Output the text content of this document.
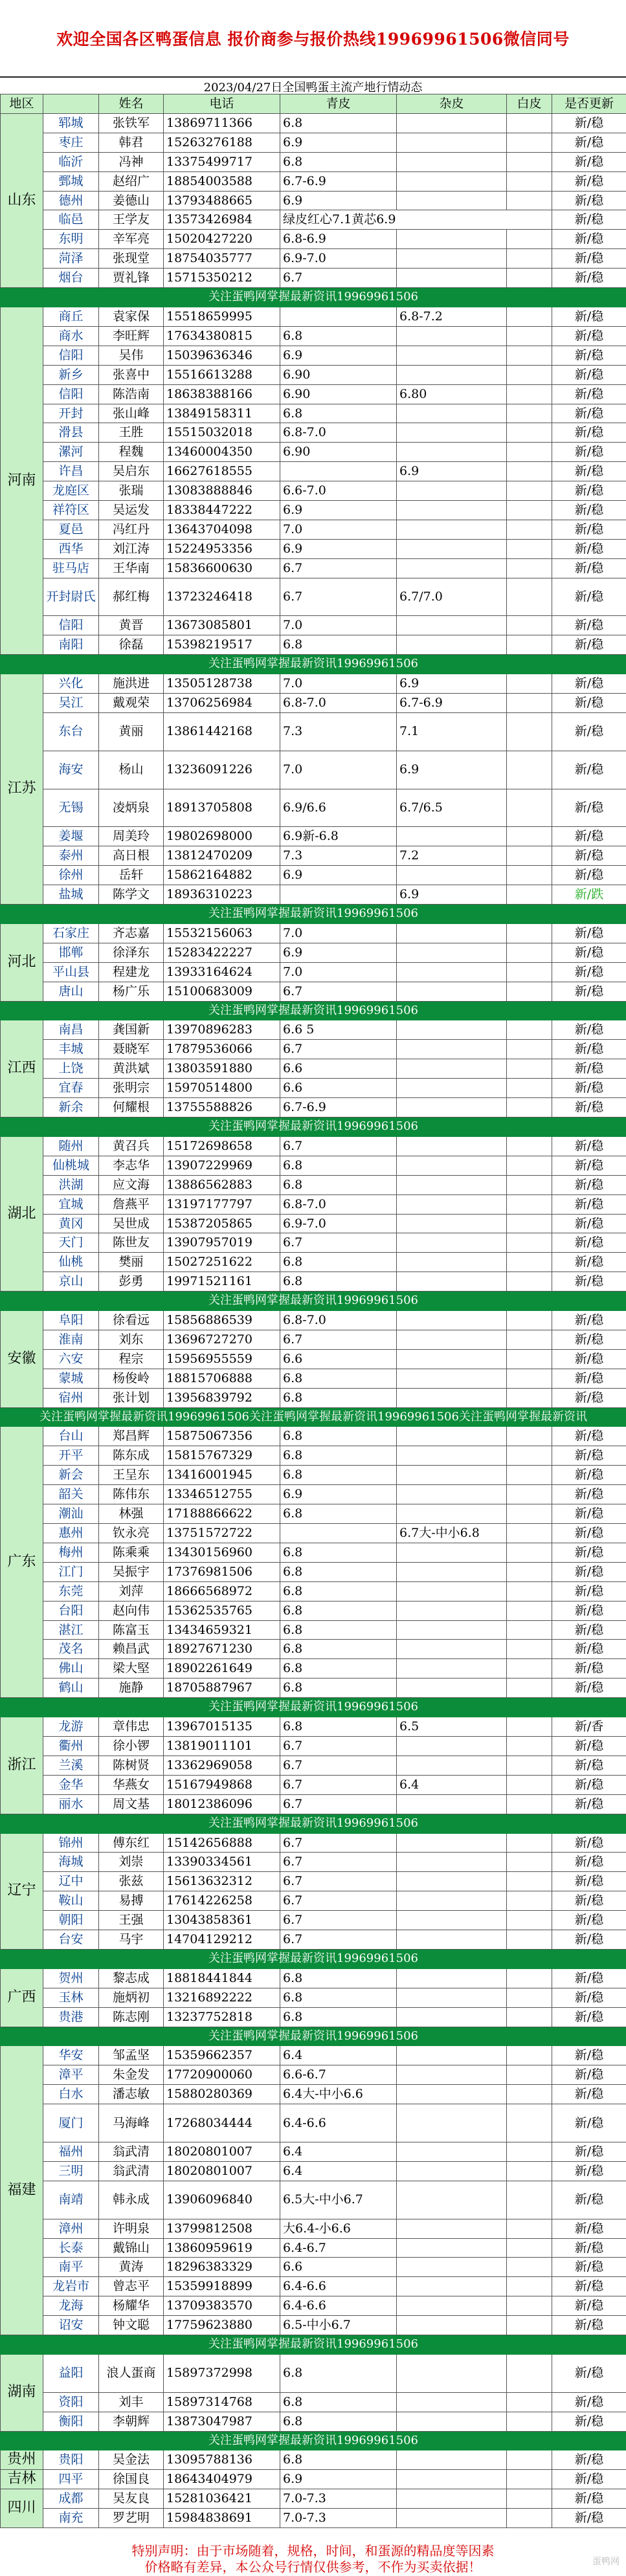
欢迎全国各区鸭蛋信息 报价商参与报价热线19969961506微信同号
2023/04/27日全国鸭蛋主流产地行情动态
地区		姓名	电话	青皮	杂皮	白皮	是否更新
山东	郓城	张铁军	13869711366	6.8			新/稳
	枣庄	韩君	15263276188	6.9			新/稳
	临沂	冯神	13375499717	6.8			新/稳
	鄄城	赵绍广	18854003588	6.7-6.9			新/稳
	德州	姜德山	13793488665	6.9			新/稳
	临邑	王学友	13573426984	绿皮红心7.1黄芯6.9			新/稳
	东明	辛军亮	15020427220	6.8-6.9			新/稳
	菏泽	张现堂	18754035777	6.9-7.0			新/稳
	烟台	贾礼锋	15715350212	6.7			新/稳
关注蛋鸭网掌握最新资讯19969961506							
河南	商丘	袁家保	15518659995		6.8-7.2		新/稳
	商水	李旺辉	17634380815	6.8			新/稳
	信阳	吴伟	15039636346	6.9			新/稳
	新乡	张喜中	15516613288	6.90			新/稳
	信阳	陈浩南	18638388166	6.90	6.80		新/稳
	开封	张山峰	13849158311	6.8			新/稳
	滑县	王胜	15515032018	6.8-7.0			新/稳
	漯河	程魏	13460004350	6.90			新/稳
	许昌	吴启东	16627618555		6.9		新/稳
	龙庭区	张瑞	13083888846	6.6-7.0			新/稳
	祥符区	吴运发	18338447222	6.9			新/稳
	夏邑	冯红丹	13643704098	7.0			新/稳
	西华	刘江涛	15224953356	6.9			新/稳
	驻马店	王华南	15836600630	6.7			新/稳
	开封尉氏	郝红梅	13723246418	6.7	6.7/7.0		新/稳
	信阳	黄晋	13673085801	7.0			新/稳
	南阳	徐磊	15398219517	6.8			新/稳
关注蛋鸭网掌握最新资讯19969961506							
江苏	兴化	施洪进	13505128738	7.0	6.9		新/稳
	吴江	戴观荣	13706256984	6.8-7.0	6.7-6.9		新/稳
	东台	黄丽	13861442168	7.3	7.1		新/稳
	海安	杨山	13236091226	7.0	6.9		新/稳
	无锡	凌炳泉	18913705808	6.9/6.6	6.7/6.5		新/稳
	姜堰	周美玲	19802698000	6.9新-6.8			新/稳
	泰州	高日根	13812470209	7.3	7.2		新/稳
	徐州	岳轩	15862164882	6.9			新/稳
	盐城	陈学文	18936310223		6.9		新/跌
关注蛋鸭网掌握最新资讯19969961506							
河北	石家庄	齐志嘉	15532156063	7.0			新/稳
	邯郸	徐泽东	15283422227	6.9			新/稳
	平山县	程建龙	13933164624	7.0			新/稳
	唐山	杨广乐	15100683009	6.7			新/稳
关注蛋鸭网掌握最新资讯19969961506							
江西	南昌	龚国新	13970896283	6.6 5			新/稳
	丰城	聂晓军	17879536066	6.7			新/稳
	上饶	黄洪斌	13803591880	6.6			新/稳
	宜春	张明宗	15970514800	6.6			新/稳
	新余	何耀根	13755588826	6.7-6.9			新/稳
关注蛋鸭网掌握最新资讯19969961506							
湖北	随州	黄召兵	15172698658	6.7			新/稳
	仙桃城	李志华	13907229969	6.8			新/稳
	洪湖	应文海	13886562883	6.8			新/稳
	宜城	詹燕平	13197177797	6.8-7.0			新/稳
	黄冈	吴世成	15387205865	6.9-7.0			新/稳
	天门	陈世友	13907957019	6.7			新/稳
	仙桃	樊丽	15027251622	6.8			新/稳
	京山	彭勇	19971521161	6.8			新/稳
关注蛋鸭网掌握最新资讯19969961506							
安徽	阜阳	徐看远	15856886539	6.8-7.0			新/稳
	淮南	刘东	13696727270	6.7			新/稳
	六安	程宗	15956955559	6.6			新/稳
	蒙城	杨俊岭	18815706888	6.8			新/稳
	宿州	张计划	13956839792	6.8			新/稳
关注蛋鸭网掌握最新资讯19969961506关注蛋鸭网掌握最新资讯19969961506关注蛋鸭网掌握最新资讯							
广东	台山	郑昌辉	15875067356	6.8			新/稳
	开平	陈东成	15815767329	6.8			新/稳
	新会	王呈东	13416001945	6.8			新/稳
	韶关	陈伟东	13346512755	6.9			新/稳
	潮汕	林强	17188866622	6.8			新/稳
	惠州	钦永亮	13751572722		6.7大-中小6.8		新/稳
	梅州	陈乘乘	13430156960	6.8			新/稳
	江门	吴振宇	17376981506	6.8			新/稳
	东莞	刘萍	18666568972	6.8			新/稳
	台阳	赵向伟	15362535765	6.8			新/稳
	湛江	陈富玉	13434659321	6.8			新/稳
	茂名	赖昌武	18927671230	6.8			新/稳
	佛山	梁大堅	18902261649	6.8			新/稳
	鹤山	施静	18705887967	6.8			新/稳
关注蛋鸭网掌握最新资讯19969961506							
浙江	龙游	章伟忠	13967015135	6.8	6.5		新/香
	衢州	徐小锣	13819011101	6.7			新/稳
	兰溪	陈树贤	13362969058	6.7			新/稳
	金华	华燕女	15167949868	6.7	6.4		新/稳
	丽水	周文基	18012386096	6.7			新/稳
关注蛋鸭网掌握最新资讯19969961506							
辽宁	锦州	傅东红	15142656888	6.7			新/稳
	海城	刘崇	13390334561	6.7			新/稳
	辽中	张兹	15613632312	6.7			新/稳
	鞍山	易搏	17614226258	6.7			新/稳
	朝阳	王强	13043858361	6.7			新/稳
	台安	马宇	14704129212	6.7			新/稳
关注蛋鸭网掌握最新资讯19969961506							
广西	贺州	黎志成	18818441844	6.8			新/稳
	玉林	施炳初	13216892222	6.8			新/稳
	贵港	陈志刚	13237752818	6.8			新/稳
关注蛋鸭网掌握最新资讯19969961506							
福建	华安	邹孟坚	15359662357	6.4			新/稳
	漳平	朱金发	17720900060	6.6-6.7			新/稳
	白水	潘志敏	15880280369	6.4大-中小6.6			新/稳
	厦门	马海峰	17268034444	6.4-6.6			新/稳
	福州	翁武清	18020801007	6.4			新/稳
	三明	翁武清	18020801007	6.4			新/稳
	南靖	韩永成	13906096840	6.5大-中小6.7			新/稳
	漳州	许明泉	13799812508	大6.4-小6.6			新/稳
	长泰	戴锦山	13860959619	6.4-6.7			新/稳
	南平	黄涛	18296383329	6.6			新/稳
	龙岩市	曾志平	15359918899	6.4-6.6			新/稳
	龙海	杨耀华	13709383570	6.4-6.6			新/稳
	诏安	钟文聪	17759623880	6.5-中小6.7			新/稳
关注蛋鸭网掌握最新资讯19969961506							
湖南	益阳	浪人蛋商	15897372998	6.8			新/稳
	资阳	刘丰	15897314768	6.8			新/稳
	衡阳	李朝辉	13873047987	6.8			新/稳
关注蛋鸭网掌握最新资讯19969961506							
贵州	贵阳	吴金法	13095788136	6.8			新/稳
吉林	四平	徐国良	18643404979	6.9			新/稳
四川	成都	吴友良	15281036421	7.0-7.3			新/稳
	南充	罗艺明	15984838691	7.0-7.3			新/稳
特别声明：由于市场随着，规格，时间，和蛋源的精品度等因素
价格略有差异，本公众号行情仅供参考，不作为买卖依据！	蛋鸭网
